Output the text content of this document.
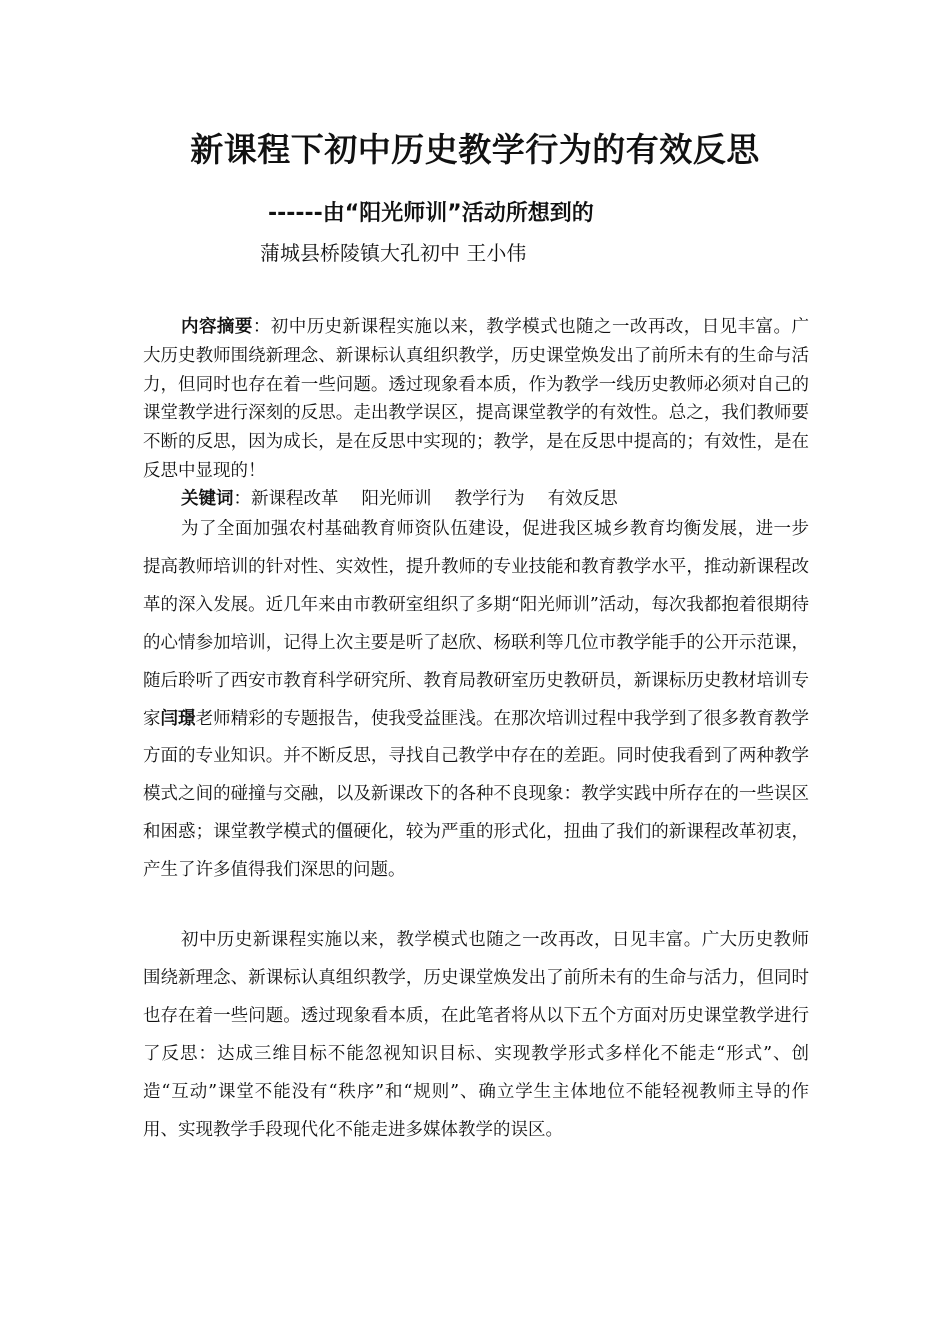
新课程下初中历史教学行为的有效反思

------由“阳光师训”活动所想到的

蒲城县桥陵镇大孔初中 王小伟

内容摘要：初中历史新课程实施以来，教学模式也随之一改再改，日见丰富。广大历史教师围绕新理念、新课标认真组织教学，历史课堂焕发出了前所未有的生命与活力，但同时也存在着一些问题。透过现象看本质，作为教学一线历史教师必须对自己的课堂教学进行深刻的反思。走出教学误区，提高课堂教学的有效性。总之，我们教师要不断的反思，因为成长，是在反思中实现的；教学，是在反思中提高的；有效性，是在反思中显现的！

关键词：新课程改革　 阳光师训　 教学行为　 有效反思

为了全面加强农村基础教育师资队伍建设，促进我区城乡教育均衡发展，进一步提高教师培训的针对性、实效性，提升教师的专业技能和教育教学水平，推动新课程改革的深入发展。近几年来由市教研室组织了多期“阳光师训”活动，每次我都抱着很期待的心情参加培训，记得上次主要是听了赵欣、杨联利等几位市教学能手的公开示范课，随后聆听了西安市教育科学研究所、教育局教研室历史教研员，新课标历史教材培训专家闫璟老师精彩的专题报告，使我受益匪浅。在那次培训过程中我学到了很多教育教学方面的专业知识。并不断反思，寻找自己教学中存在的差距。同时使我看到了两种教学模式之间的碰撞与交融，以及新课改下的各种不良现象：教学实践中所存在的一些误区和困惑；课堂教学模式的僵硬化，较为严重的形式化，扭曲了我们的新课程改革初衷，产生了许多值得我们深思的问题。

初中历史新课程实施以来，教学模式也随之一改再改，日见丰富。广大历史教师围绕新理念、新课标认真组织教学，历史课堂焕发出了前所未有的生命与活力，但同时也存在着一些问题。透过现象看本质，在此笔者将从以下五个方面对历史课堂教学进行了反思：达成三维目标不能忽视知识目标、实现教学形式多样化不能走“形式”、创造“互动”课堂不能没有“秩序”和“规则”、确立学生主体地位不能轻视教师主导的作用、实现教学手段现代化不能走进多媒体教学的误区。
